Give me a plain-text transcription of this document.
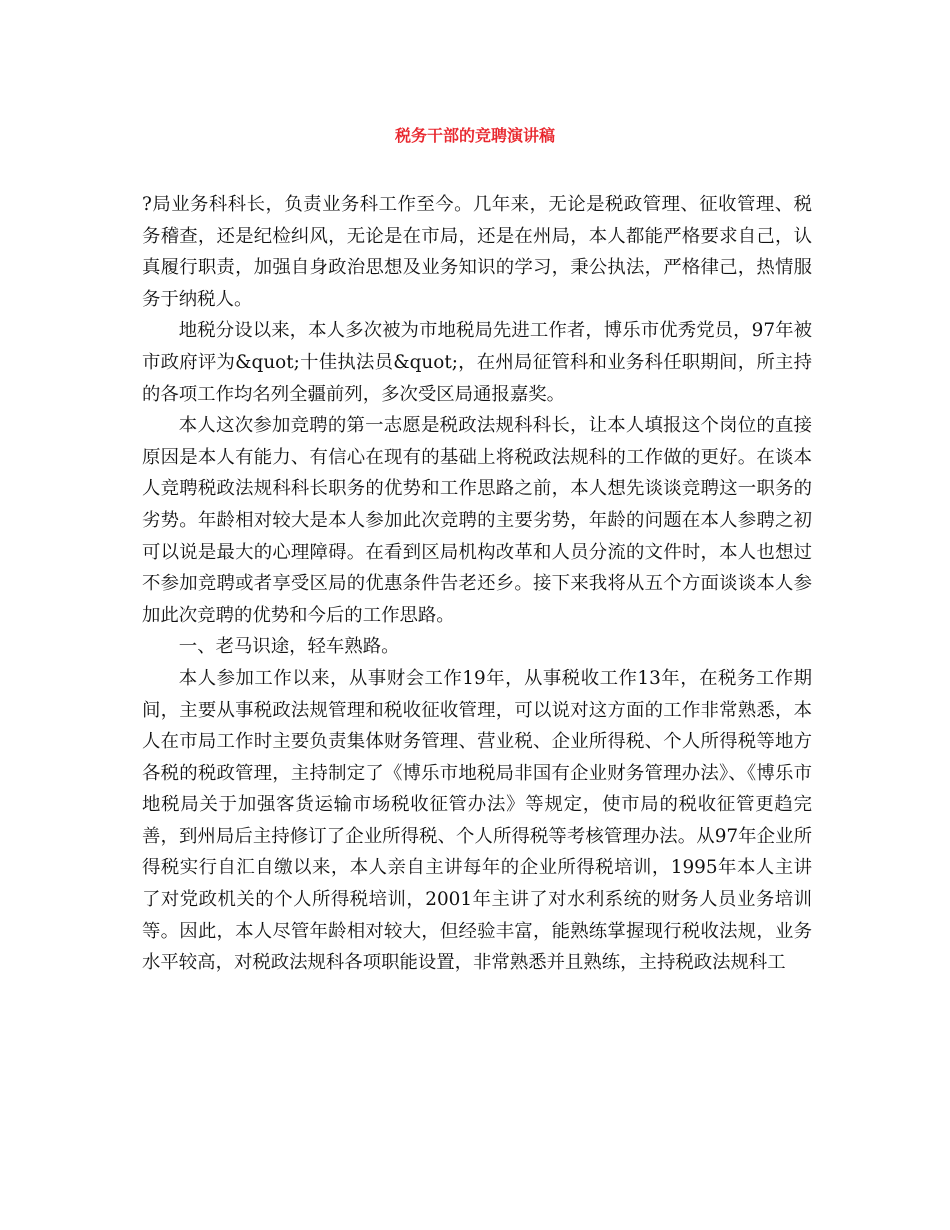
税务干部的竞聘演讲稿

?局业务科科长，负责业务科工作至今。几年来，无论是税政管理、征收管理、税务稽查，还是纪检纠风，无论是在市局，还是在州局，本人都能严格要求自己，认真履行职责，加强自身政治思想及业务知识的学习，秉公执法，严格律己，热情服务于纳税人。

地税分设以来，本人多次被为市地税局先进工作者，博乐市优秀党员，97年被市政府评为&quot;十佳执法员&quot;，在州局征管科和业务科任职期间，所主持的各项工作均名列全疆前列，多次受区局通报嘉奖。

本人这次参加竞聘的第一志愿是税政法规科科长，让本人填报这个岗位的直接原因是本人有能力、有信心在现有的基础上将税政法规科的工作做的更好。在谈本人竞聘税政法规科科长职务的优势和工作思路之前，本人想先谈谈竞聘这一职务的劣势。年龄相对较大是本人参加此次竞聘的主要劣势，年龄的问题在本人参聘之初可以说是最大的心理障碍。在看到区局机构改革和人员分流的文件时，本人也想过不参加竞聘或者享受区局的优惠条件告老还乡。接下来我将从五个方面谈谈本人参加此次竞聘的优势和今后的工作思路。

一、老马识途，轻车熟路。

本人参加工作以来，从事财会工作19年，从事税收工作13年，在税务工作期间，主要从事税政法规管理和税收征收管理，可以说对这方面的工作非常熟悉，本人在市局工作时主要负责集体财务管理、营业税、企业所得税、个人所得税等地方各税的税政管理，主持制定了《博乐市地税局非国有企业财务管理办法》、《博乐市地税局关于加强客货运输市场税收征管办法》等规定，使市局的税收征管更趋完善，到州局后主持修订了企业所得税、个人所得税等考核管理办法。从97年企业所得税实行自汇自缴以来，本人亲自主讲每年的企业所得税培训，1995年本人主讲了对党政机关的个人所得税培训，2001年主讲了对水利系统的财务人员业务培训等。因此，本人尽管年龄相对较大，但经验丰富，能熟练掌握现行税收法规，业务水平较高，对税政法规科各项职能设置，非常熟悉并且熟练，主持税政法规科工
